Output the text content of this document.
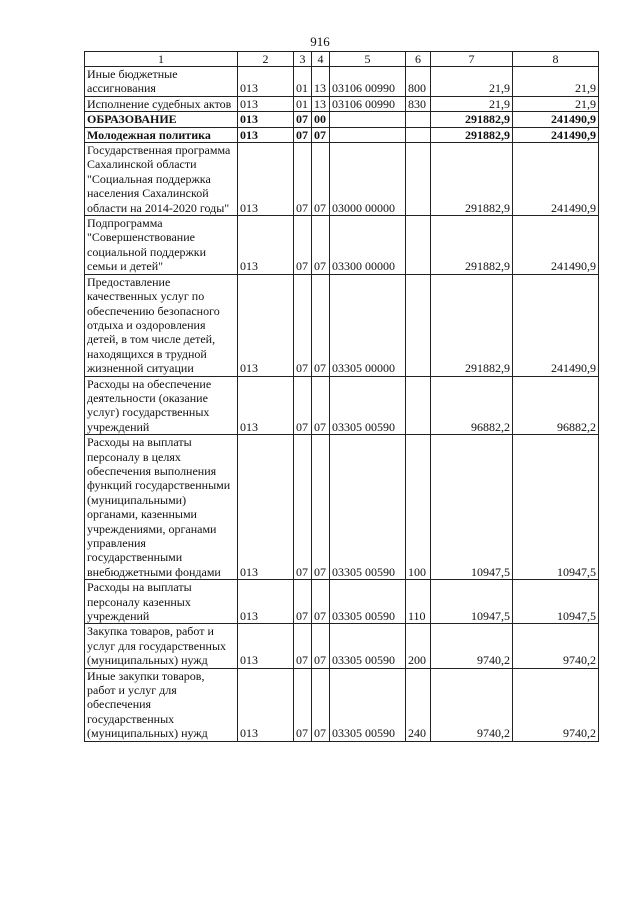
916
1	2	3	4	5	6	7	8
Иные бюджетные ассигнования	013	01	13	03106 00990	800	21,9	21,9
Исполнение судебных актов	013	01	13	03106 00990	830	21,9	21,9
ОБРАЗОВАНИЕ	013	07	00			291882,9	241490,9
Молодежная политика	013	07	07			291882,9	241490,9
Государственная программа Сахалинской области "Социальная поддержка населения Сахалинской области на 2014-2020 годы"	013	07	07	03000 00000		291882,9	241490,9
Подпрограмма "Совершенствование социальной поддержки семьи и детей"	013	07	07	03300 00000		291882,9	241490,9
Предоставление качественных услуг по обеспечению безопасного отдыха и оздоровления детей, в том числе детей, находящихся в трудной жизненной ситуации	013	07	07	03305 00000		291882,9	241490,9
Расходы на обеспечение деятельности (оказание услуг) государственных учреждений	013	07	07	03305 00590		96882,2	96882,2
Расходы на выплаты персоналу в целях обеспечения выполнения функций государственными (муниципальными) органами, казенными учреждениями, органами управления государственными внебюджетными фондами	013	07	07	03305 00590	100	10947,5	10947,5
Расходы на выплаты персоналу казенных учреждений	013	07	07	03305 00590	110	10947,5	10947,5
Закупка товаров, работ и услуг для государственных (муниципальных) нужд	013	07	07	03305 00590	200	9740,2	9740,2
Иные закупки товаров, работ и услуг для обеспечения государственных (муниципальных) нужд	013	07	07	03305 00590	240	9740,2	9740,2
